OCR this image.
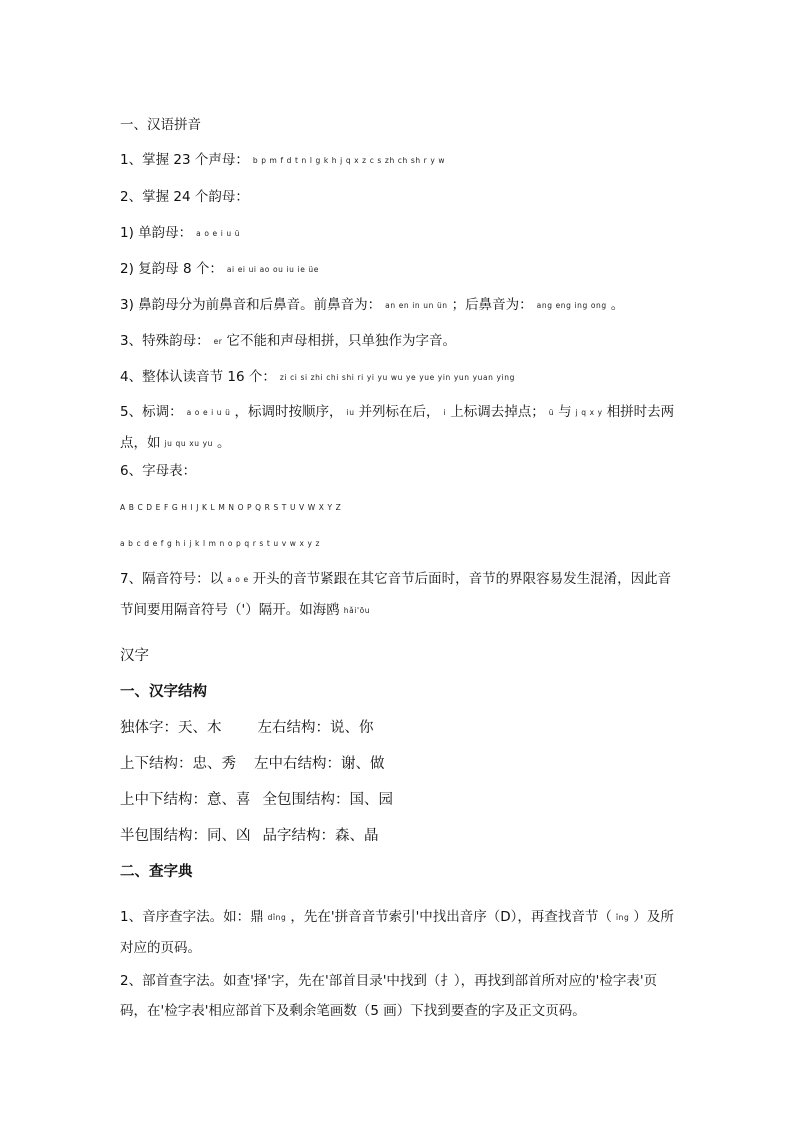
一、汉语拼音
1、掌握 23 个声母： b p m f d t n l g k h j q x z c s zh ch sh r y w
2、掌握 24 个韵母：
1) 单韵母： a o e i u ü
2) 复韵母 8 个： ai ei ui ao ou iu ie üe
3) 鼻韵母分为前鼻音和后鼻音。前鼻音为： an en in un ün ；后鼻音为： ang eng ing ong 。
3、特殊韵母： er 它不能和声母相拼，只单独作为字音。
4、整体认读音节 16 个： zi ci si zhi chi shi ri yi yu wu ye yue yin yun yuan ying
5、标调： a o e i u ü ，标调时按顺序， iu 并列标在后， i 上标调去掉点； ü 与 j q x y 相拼时去两点，如 ju qu xu yu 。
6、字母表：
A B C D E F G H I J K L M N O P Q R S T U V W X Y Z
a b c d e f g h i j k l m n o p q r s t u v w x y z
7、隔音符号：以 a o e 开头的音节紧跟在其它音节后面时，音节的界限容易发生混淆，因此音节间要用隔音符号（'）隔开。如海鸥 hǎi'ōu
汉字
一、汉字结构
独体字：天、木 左右结构：说、你
上下结构：忠、秀 左中右结构：谢、做
上中下结构：意、喜 全包围结构：国、园
半包围结构：同、凶 品字结构：森、晶
二、查字典
1、音序查字法。如：鼎 dǐng ，先在'拼音音节索引'中找出音序（D），再查找音节（ ǐng ）及所对应的页码。
2、部首查字法。如查'择'字，先在'部首目录'中找到（扌），再找到部首所对应的'检字表'页码，在'检字表'相应部首下及剩余笔画数（5 画）下找到要查的字及正文页码。
